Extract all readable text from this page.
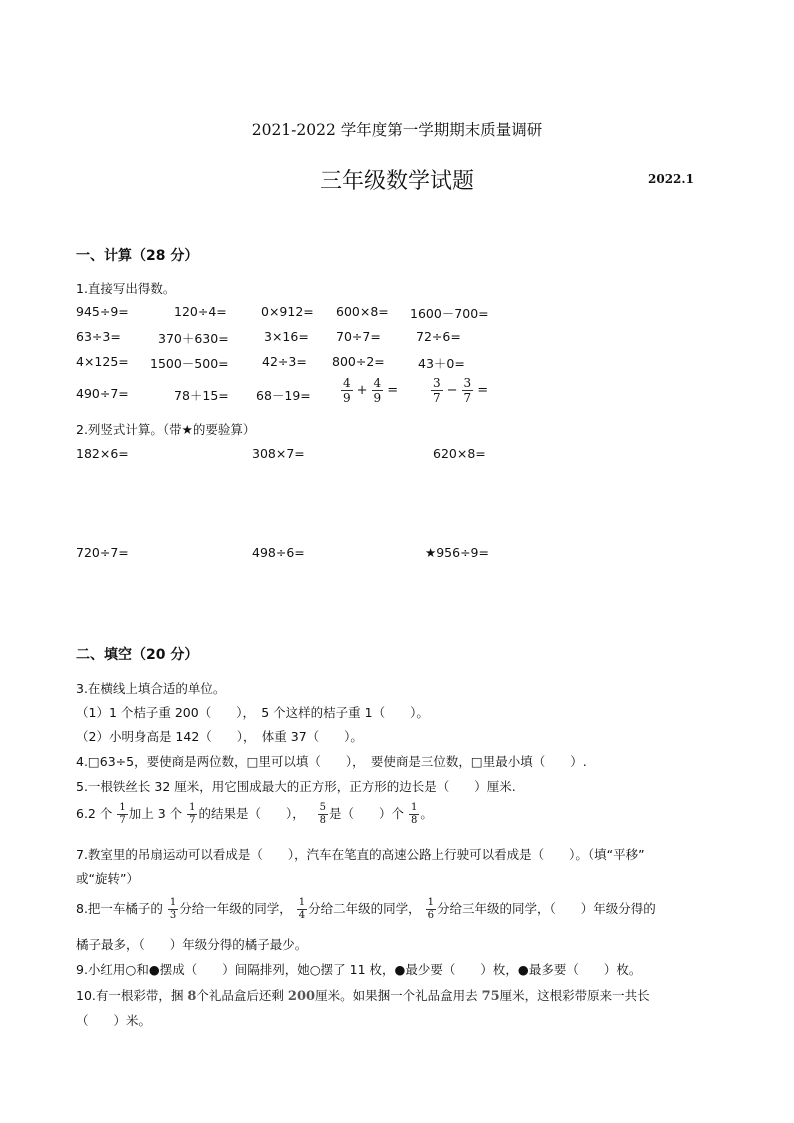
2021-2022 学年度第一学期期末质量调研
三年级数学试题	2022.1
一、计算（28 分）
1.直接写出得数。
945÷9=	120÷4=	0×912= 600×8= 1600－700=
63÷3=	370＋630=	3×16= 70÷7=	72÷6=
4×125= 1500－500=	42÷3= 800÷2=	43＋0=
490÷7=	78＋15= 68－19=	$\frac{4}{9} + \frac{4}{9}$ =	$\frac{3}{7} - \frac{3}{7}$ =
2.列竖式计算。（带★的要验算）
182×6=	308×7=	620×8=
720÷7=	498÷6=	★956÷9=
二、填空（20 分）
3.在横线上填合适的单位。
（1）1 个桔子重 200（　　），　5 个这样的桔子重 1（　　）。
（2）小明身高是 142（　　），　体重 37（　　）。
4.□63÷5，要使商是两位数，□里可以填（　　），　要使商是三位数，□里最小填（　　）.
5.一根铁丝长 32 厘米，用它围成最大的正方形，正方形的边长是（　　）厘米.
6.2 个 $\frac{1}{7}$ 加上 3 个 $\frac{1}{7}$ 的结果是（　　）， $\frac{5}{8}$ 是（　　）个 $\frac{1}{8}$ 。
7.教室里的吊扇运动可以看成是（　　），汽车在笔直的高速公路上行驶可以看成是（　　）。（填“平移”
或“旋转”）
8.把一车橘子的 $\frac{1}{3}$ 分给一年级的同学， $\frac{1}{4}$ 分给二年级的同学， $\frac{1}{6}$ 分给三年级的同学，（　　）年级分得的
橘子最多，（　　）年级分得的橘子最少。
9.小红用○和●摆成（　　）间隔排列，她○摆了 11 枚，●最少要（　　）枚，●最多要（　　）枚。
10.有一根彩带，捆 8个礼品盒后还剩 200厘米。如果捆一个礼品盒用去 75厘米，这根彩带原来一共长
（　　）米。
